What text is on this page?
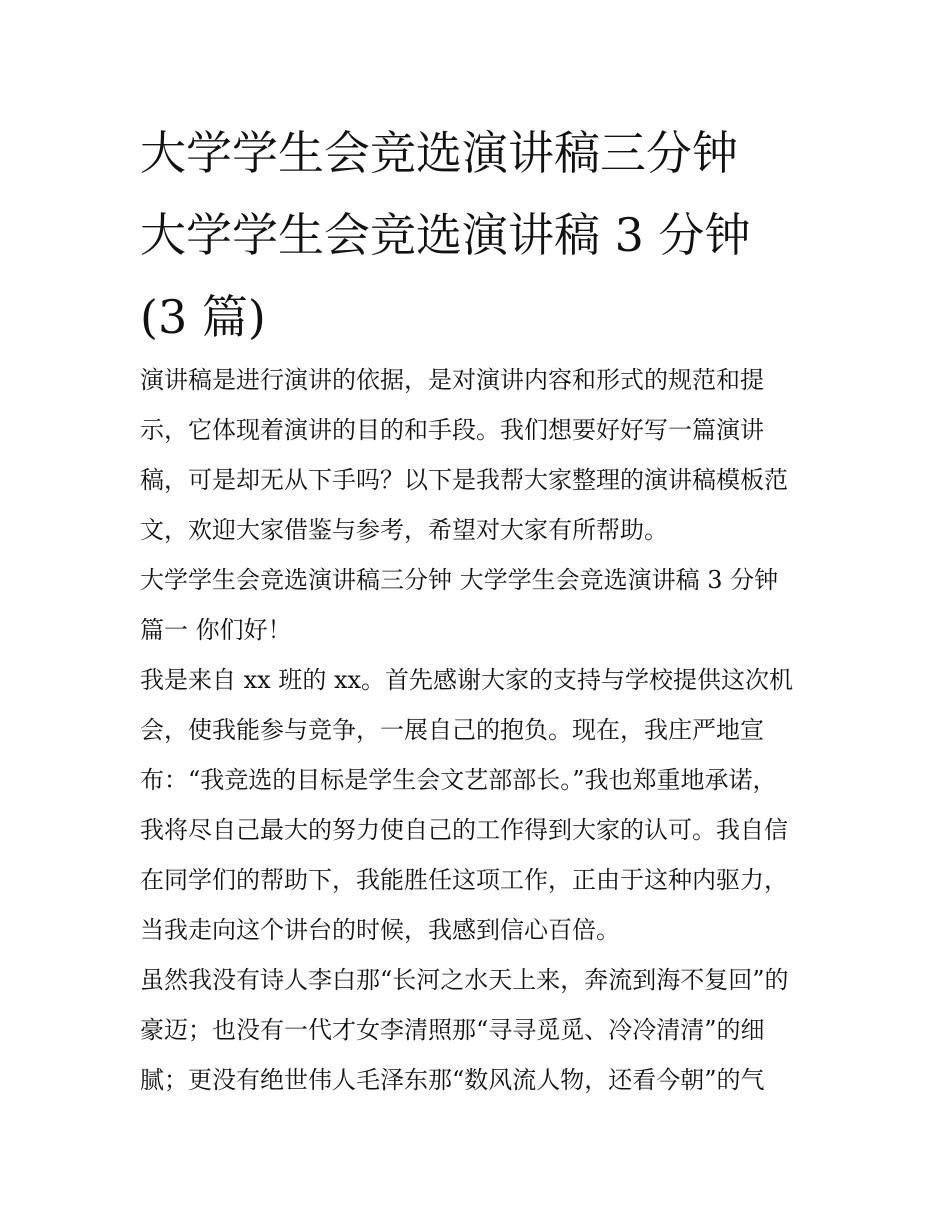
大学学生会竞选演讲稿三分钟
大学学生会竞选演讲稿 3 分钟
(3 篇)
演讲稿是进行演讲的依据，是对演讲内容和形式的规范和提
示，它体现着演讲的目的和手段。我们想要好好写一篇演讲
稿，可是却无从下手吗？以下是我帮大家整理的演讲稿模板范
文，欢迎大家借鉴与参考，希望对大家有所帮助。
大学学生会竞选演讲稿三分钟 大学学生会竞选演讲稿 3 分钟
篇一 你们好！
我是来自 xx 班的 xx。首先感谢大家的支持与学校提供这次机
会，使我能参与竞争，一展自己的抱负。现在，我庄严地宣
布：“我竞选的目标是学生会文艺部部长。”我也郑重地承诺，
我将尽自己最大的努力使自己的工作得到大家的认可。我自信
在同学们的帮助下，我能胜任这项工作，正由于这种内驱力，
当我走向这个讲台的时候，我感到信心百倍。
虽然我没有诗人李白那“长河之水天上来，奔流到海不复回”的
豪迈；也没有一代才女李清照那“寻寻觅觅、冷冷清清”的细
腻；更没有绝世伟人毛泽东那“数风流人物，还看今朝”的气
